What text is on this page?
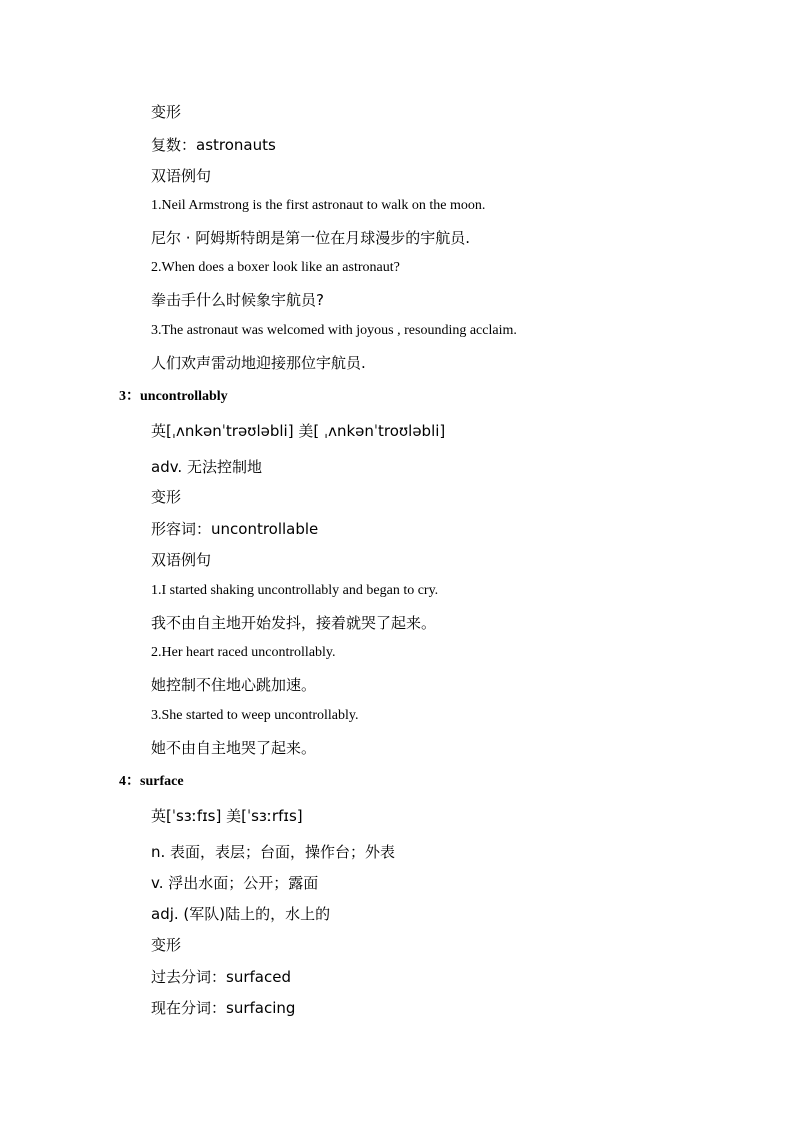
变形
复数：astronauts
双语例句
1.Neil Armstrong is the first astronaut to walk on the moon.
尼尔 · 阿姆斯特朗是第一位在月球漫步的宇航员.
2.When does a boxer look like an astronaut?
拳击手什么时候象宇航员?
3.The astronaut was welcomed with joyous , resounding acclaim.
人们欢声雷动地迎接那位宇航员.
3：uncontrollably
英[ˌʌnkənˈtrəʊləbli] 美[ ˌʌnkənˈtroʊləbli]
adv. 无法控制地
变形
形容词：uncontrollable
双语例句
1.I started shaking uncontrollably and began to cry.
我不由自主地开始发抖，接着就哭了起来。
2.Her heart raced uncontrollably.
她控制不住地心跳加速。
3.She started to weep uncontrollably.
她不由自主地哭了起来。
4：surface
英[ˈsɜːfɪs] 美[ˈsɜːrfɪs]
n. 表面，表层；台面，操作台；外表
v. 浮出水面；公开；露面
adj. (军队)陆上的，水上的
变形
过去分词：surfaced
现在分词：surfacing
